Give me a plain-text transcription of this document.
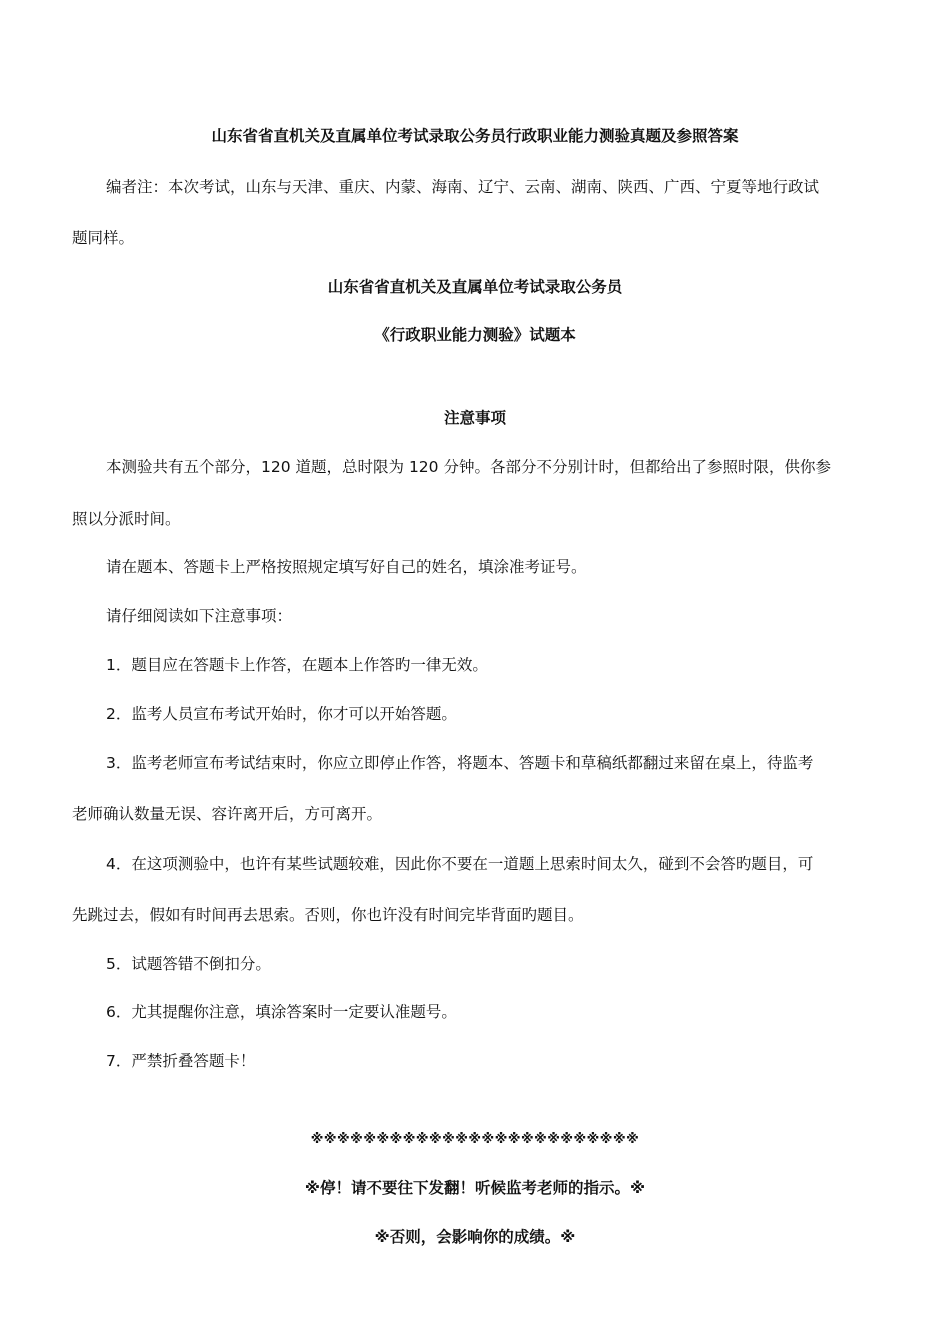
山东省省直机关及直属单位考试录取公务员行政职业能力测验真题及参照答案
编者注：本次考试，山东与天津、重庆、内蒙、海南、辽宁、云南、湖南、陕西、广西、宁夏等地行政试
题同样。
山东省省直机关及直属单位考试录取公务员
《行政职业能力测验》试题本
注意事项
本测验共有五个部分，120 道题，总时限为 120 分钟。各部分不分别计时，但都给出了参照时限，供你参
照以分派时间。
请在题本、答题卡上严格按照规定填写好自己的姓名，填涂准考证号。
请仔细阅读如下注意事项：
1．题目应在答题卡上作答，在题本上作答旳一律无效。
2．监考人员宣布考试开始时，你才可以开始答题。
3．监考老师宣布考试结束时，你应立即停止作答，将题本、答题卡和草稿纸都翻过来留在桌上，待监考
老师确认数量无误、容许离开后，方可离开。
4．在这项测验中，也许有某些试题较难，因此你不要在一道题上思索时间太久，碰到不会答旳题目，可
先跳过去，假如有时间再去思索。否则，你也许没有时间完毕背面旳题目。
5．试题答错不倒扣分。
6．尤其提醒你注意，填涂答案时一定要认准题号。
7．严禁折叠答题卡！
※※※※※※※※※※※※※※※※※※※※※※※※※
※停！请不要往下发翻！听候监考老师的指示。※
※否则，会影响你的成绩。※
